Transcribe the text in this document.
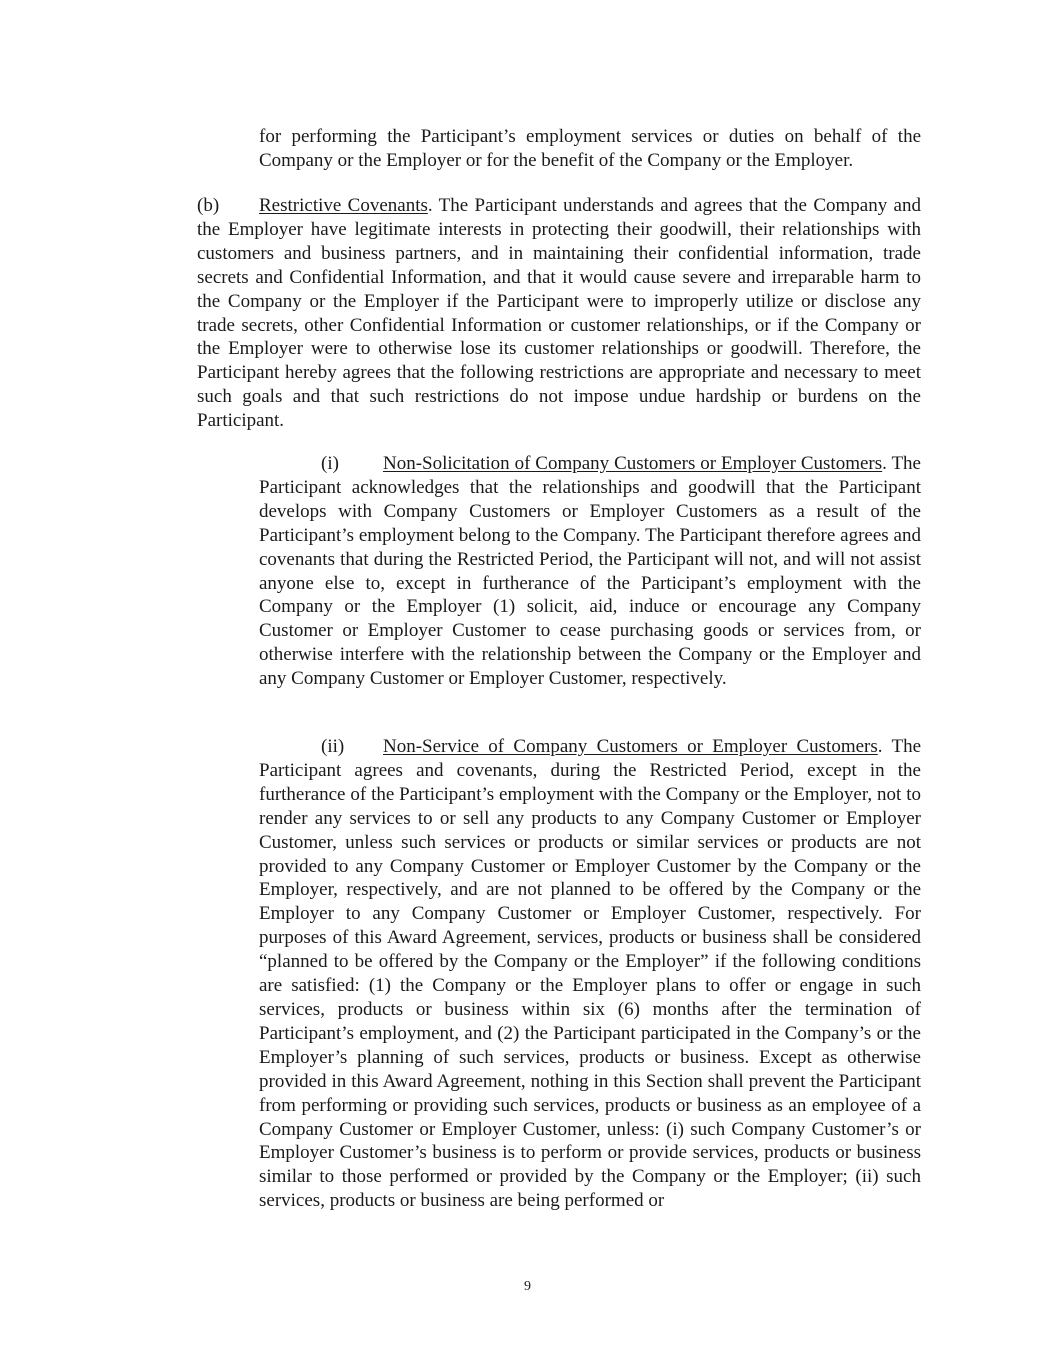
for performing the Participant’s employment services or duties on behalf of the Company or the Employer or for the benefit of the Company or the Employer.

(b) Restrictive Covenants. The Participant understands and agrees that the Company and the Employer have legitimate interests in protecting their goodwill, their relationships with customers and business partners, and in maintaining their confidential information, trade secrets and Confidential Information, and that it would cause severe and irreparable harm to the Company or the Employer if the Participant were to improperly utilize or disclose any trade secrets, other Confidential Information or customer relationships, or if the Company or the Employer were to otherwise lose its customer relationships or goodwill. Therefore, the Participant hereby agrees that the following restrictions are appropriate and necessary to meet such goals and that such restrictions do not impose undue hardship or burdens on the Participant.

(i) Non-Solicitation of Company Customers or Employer Customers. The Participant acknowledges that the relationships and goodwill that the Participant develops with Company Customers or Employer Customers as a result of the Participant’s employment belong to the Company. The Participant therefore agrees and covenants that during the Restricted Period, the Participant will not, and will not assist anyone else to, except in furtherance of the Participant’s employment with the Company or the Employer (1) solicit, aid, induce or encourage any Company Customer or Employer Customer to cease purchasing goods or services from, or otherwise interfere with the relationship between the Company or the Employer and any Company Customer or Employer Customer, respectively.

(ii) Non-Service of Company Customers or Employer Customers. The Participant agrees and covenants, during the Restricted Period, except in the furtherance of the Participant’s employment with the Company or the Employer, not to render any services to or sell any products to any Company Customer or Employer Customer, unless such services or products or similar services or products are not provided to any Company Customer or Employer Customer by the Company or the Employer, respectively, and are not planned to be offered by the Company or the Employer to any Company Customer or Employer Customer, respectively. For purposes of this Award Agreement, services, products or business shall be considered “planned to be offered by the Company or the Employer” if the following conditions are satisfied: (1) the Company or the Employer plans to offer or engage in such services, products or business within six (6) months after the termination of Participant’s employment, and (2) the Participant participated in the Company’s or the Employer’s planning of such services, products or business. Except as otherwise provided in this Award Agreement, nothing in this Section shall prevent the Participant from performing or providing such services, products or business as an employee of a Company Customer or Employer Customer, unless: (i) such Company Customer’s or Employer Customer’s business is to perform or provide services, products or business similar to those performed or provided by the Company or the Employer; (ii) such services, products or business are being performed or

9
